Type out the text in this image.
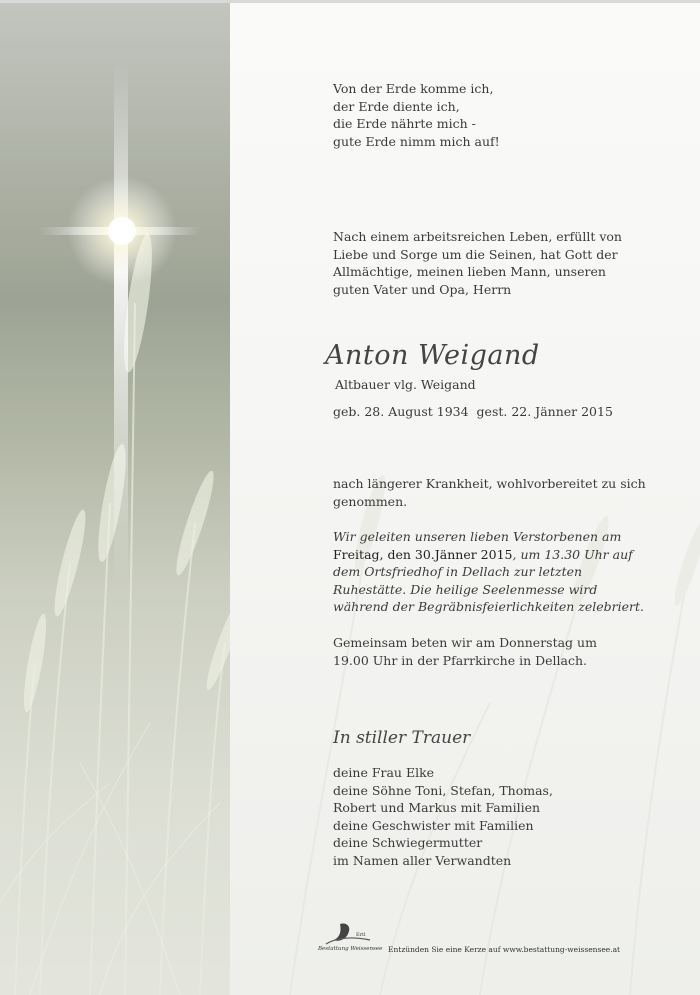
Von der Erde komme ich,
der Erde diente ich,
die Erde nährte mich -
gute Erde nimm mich auf!
Nach einem arbeitsreichen Leben, erfüllt von
Liebe und Sorge um die Seinen, hat Gott der
Allmächtige, meinen lieben Mann, unseren
guten Vater und Opa, Herrn
Anton Weigand
Altbauer vlg. Weigand
geb. 28. August 1934 gest. 22. Jänner 2015
nach längerer Krankheit, wohlvorbereitet zu sich
genommen.
Wir geleiten unseren lieben Verstorbenen am
Freitag, den 30.Jänner 2015, um 13.30 Uhr auf
dem Ortsfriedhof in Dellach zur letzten
Ruhestätte. Die heilige Seelenmesse wird
während der Begräbnisfeierlichkeiten zelebriert.
Gemeinsam beten wir am Donnerstag um
19.00 Uhr in der Pfarrkirche in Dellach.
In stiller Trauer
deine Frau Elke
deine Söhne Toni, Stefan, Thomas,
Robert und Markus mit Familien
deine Geschwister mit Familien
deine Schwiegermutter
im Namen aller Verwandten
Ertl
Bestattung Weissensee Entzünden Sie eine Kerze auf www.bestattung-weissensee.at
